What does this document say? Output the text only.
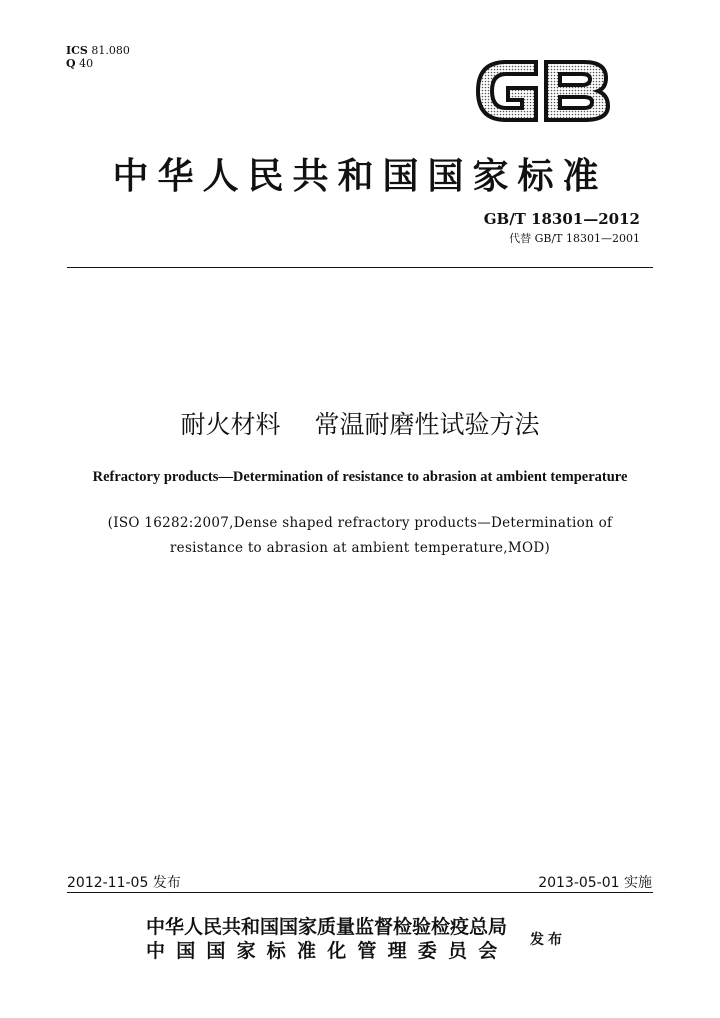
ICS 81.080
Q 40
中华人民共和国国家标准
GB/T 18301—2012
代替 GB/T 18301—2001
耐火材料 常温耐磨性试验方法
Refractory products—Determination of resistance to abrasion at ambient temperature
(ISO 16282:2007,Dense shaped refractory products—Determination of
resistance to abrasion at ambient temperature,MOD)
2012-11-05 发布	2013-05-01 实施
中华人民共和国国家质量监督检验检疫总局
中国国家标准化管理委员会 发布
